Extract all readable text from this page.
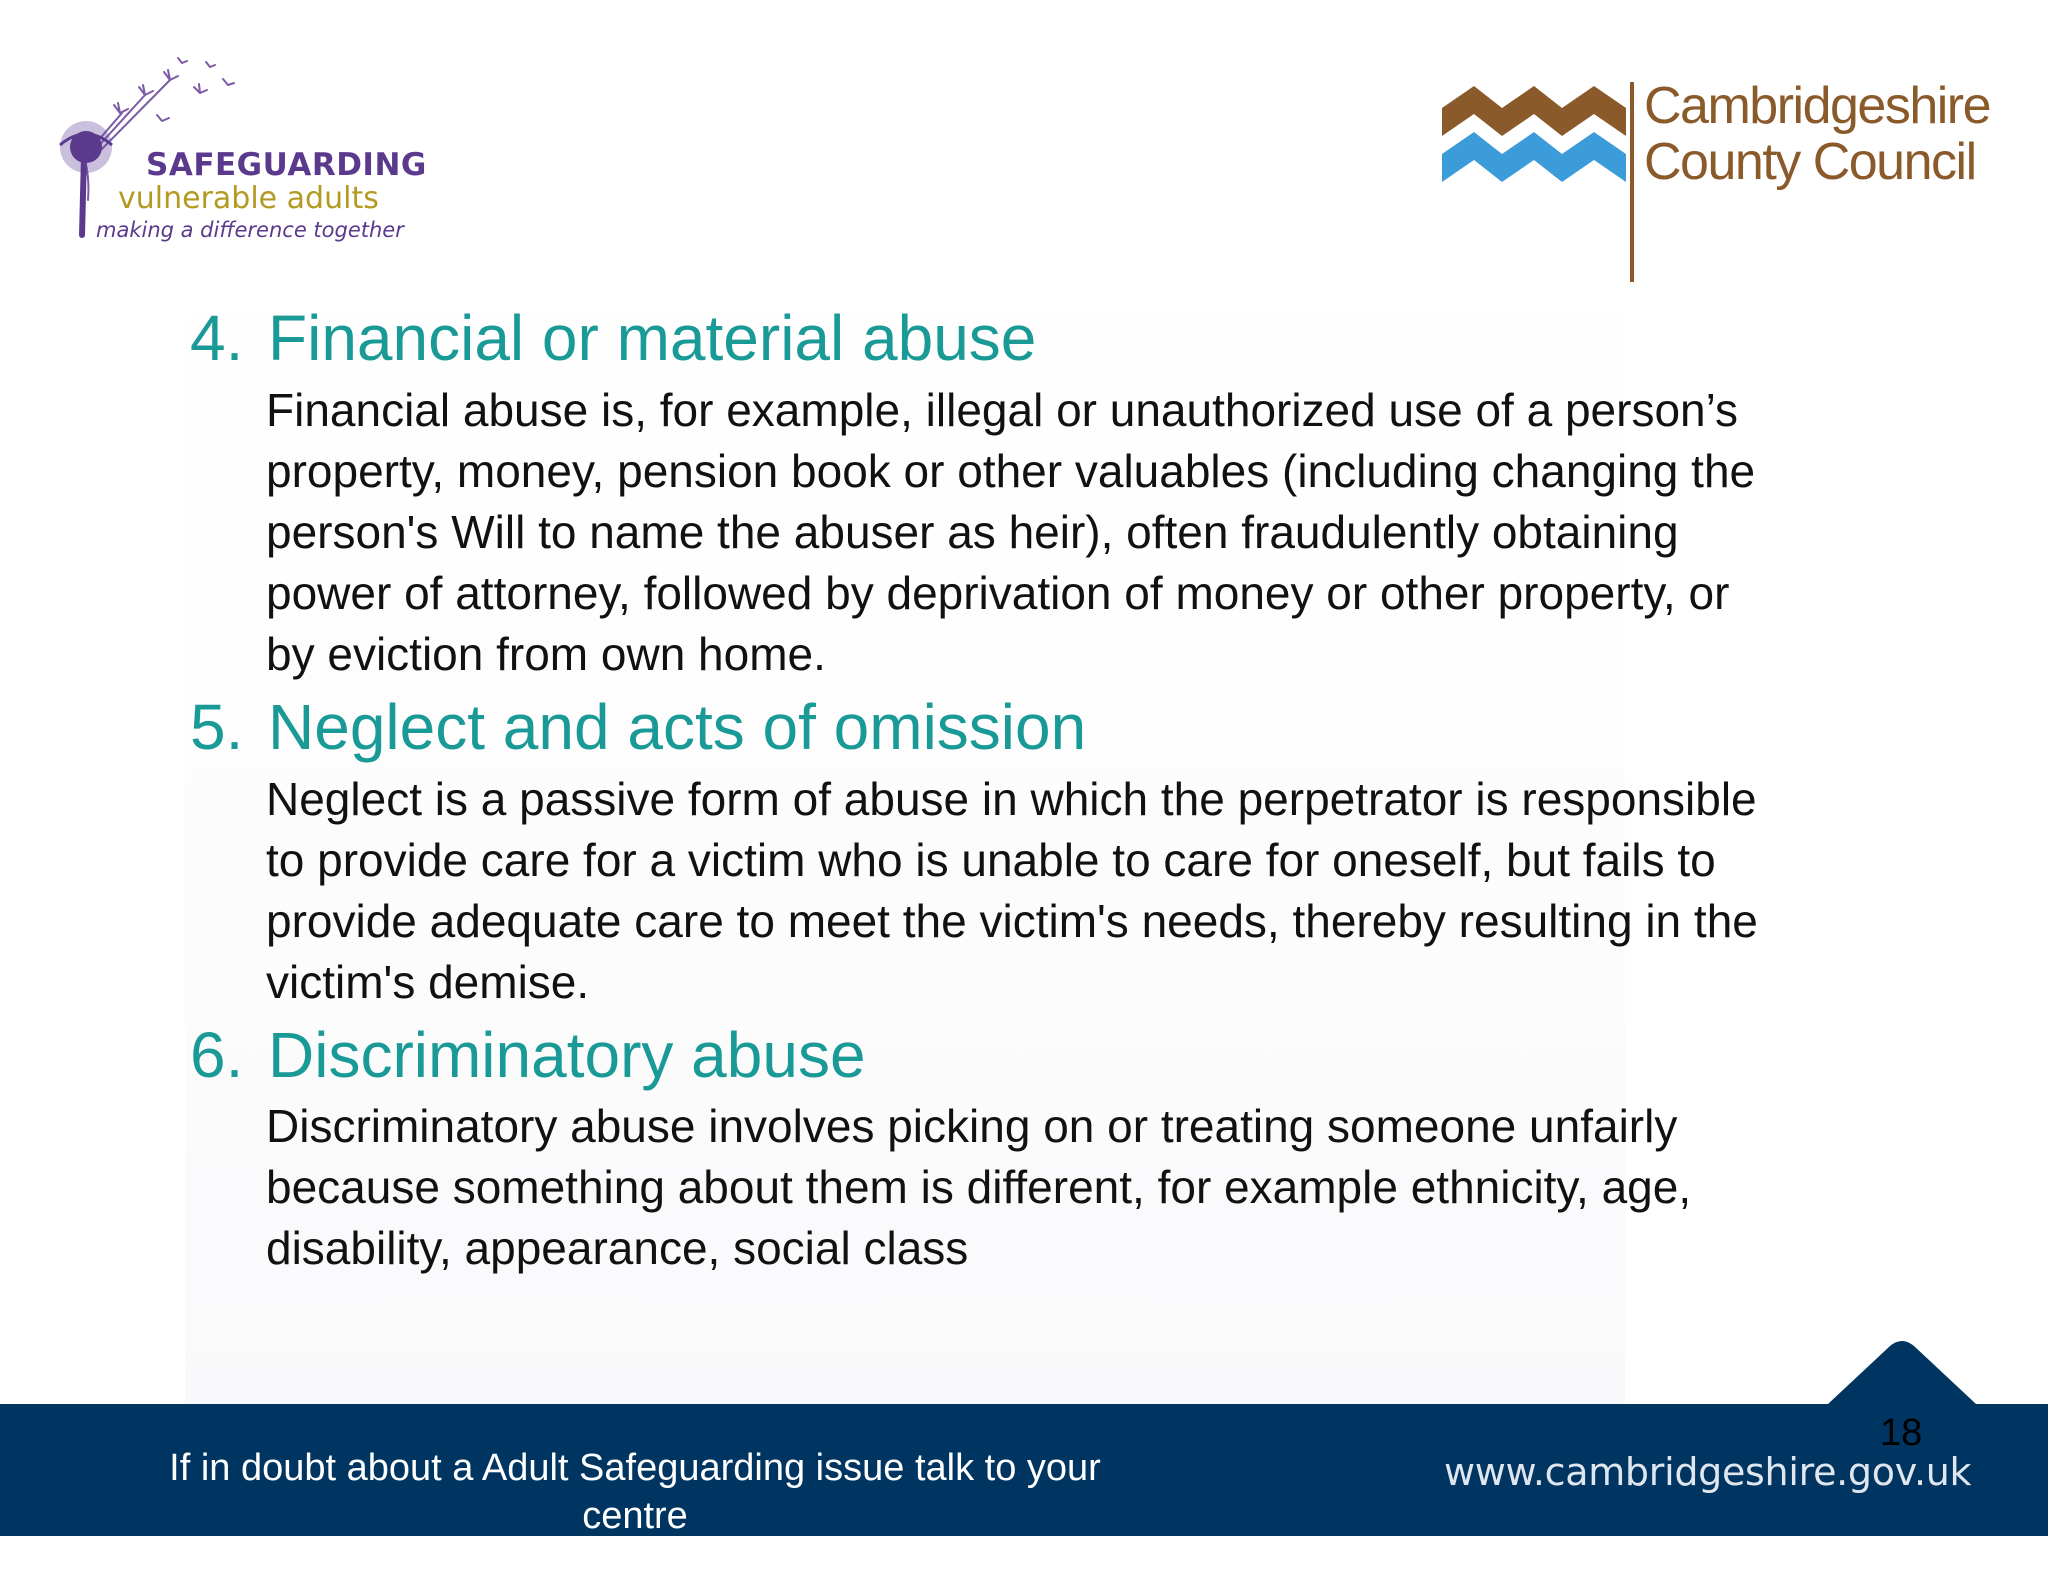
SAFEGUARDING
vulnerable adults
making a difference together
Cambridgeshire
County Council
4. Financial or material abuse
Financial abuse is, for example, illegal or unauthorized use of a person’s
property, money, pension book or other valuables (including changing the
person's Will to name the abuser as heir), often fraudulently obtaining
power of attorney, followed by deprivation of money or other property, or
by eviction from own home.
5. Neglect and acts of omission
Neglect is a passive form of abuse in which the perpetrator is responsible
to provide care for a victim who is unable to care for oneself, but fails to
provide adequate care to meet the victim's needs, thereby resulting in the
victim's demise.
6. Discriminatory abuse
Discriminatory abuse involves picking on or treating someone unfairly
because something about them is different, for example ethnicity, age,
disability, appearance, social class
If in doubt about a Adult Safeguarding issue talk to your centre
manager or use the contact details in your resources folder
www.cambridgeshire.gov.uk
18
